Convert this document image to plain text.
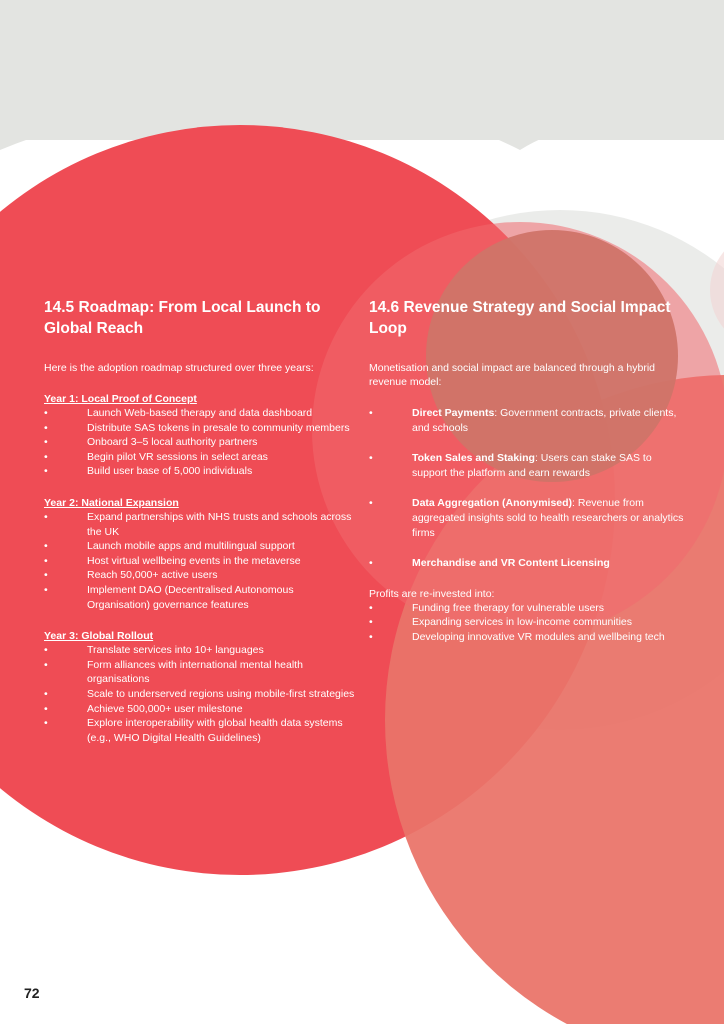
14.5 Roadmap: From Local Launch to Global Reach

Here is the adoption roadmap structured over three years:

Year 1: Local Proof of Concept

•	Launch Web-based therapy and data dashboard
•	Distribute SAS tokens in presale to community members
•	Onboard 3–5 local authority partners
•	Begin pilot VR sessions in select areas
•	Build user base of 5,000 individuals

Year 2: National Expansion

•	Expand partnerships with NHS trusts and schools across the UK
•	Launch mobile apps and multilingual support
•	Host virtual wellbeing events in the metaverse
•	Reach 50,000+ active users
•	Implement DAO (Decentralised Autonomous Organisation) governance features

Year 3: Global Rollout

•	Translate services into 10+ languages
•	Form alliances with international mental health organisations
•	Scale to underserved regions using mobile-first strategies
•	Achieve 500,000+ user milestone
•	Explore interoperability with global health data systems (e.g., WHO Digital Health Guidelines)
14.6 Revenue Strategy and Social Impact Loop

Monetisation and social impact are balanced through a hybrid revenue model:

•	Direct Payments: Government contracts, private clients, and schools
•	Token Sales and Staking: Users can stake SAS to support the platform and earn rewards
•	Data Aggregation (Anonymised): Revenue from aggregated insights sold to health researchers or analytics firms
•	Merchandise and VR Content Licensing

Profits are re-invested into:

•	Funding free therapy for vulnerable users
•	Expanding services in low-income communities
•	Developing innovative VR modules and wellbeing tech
72
